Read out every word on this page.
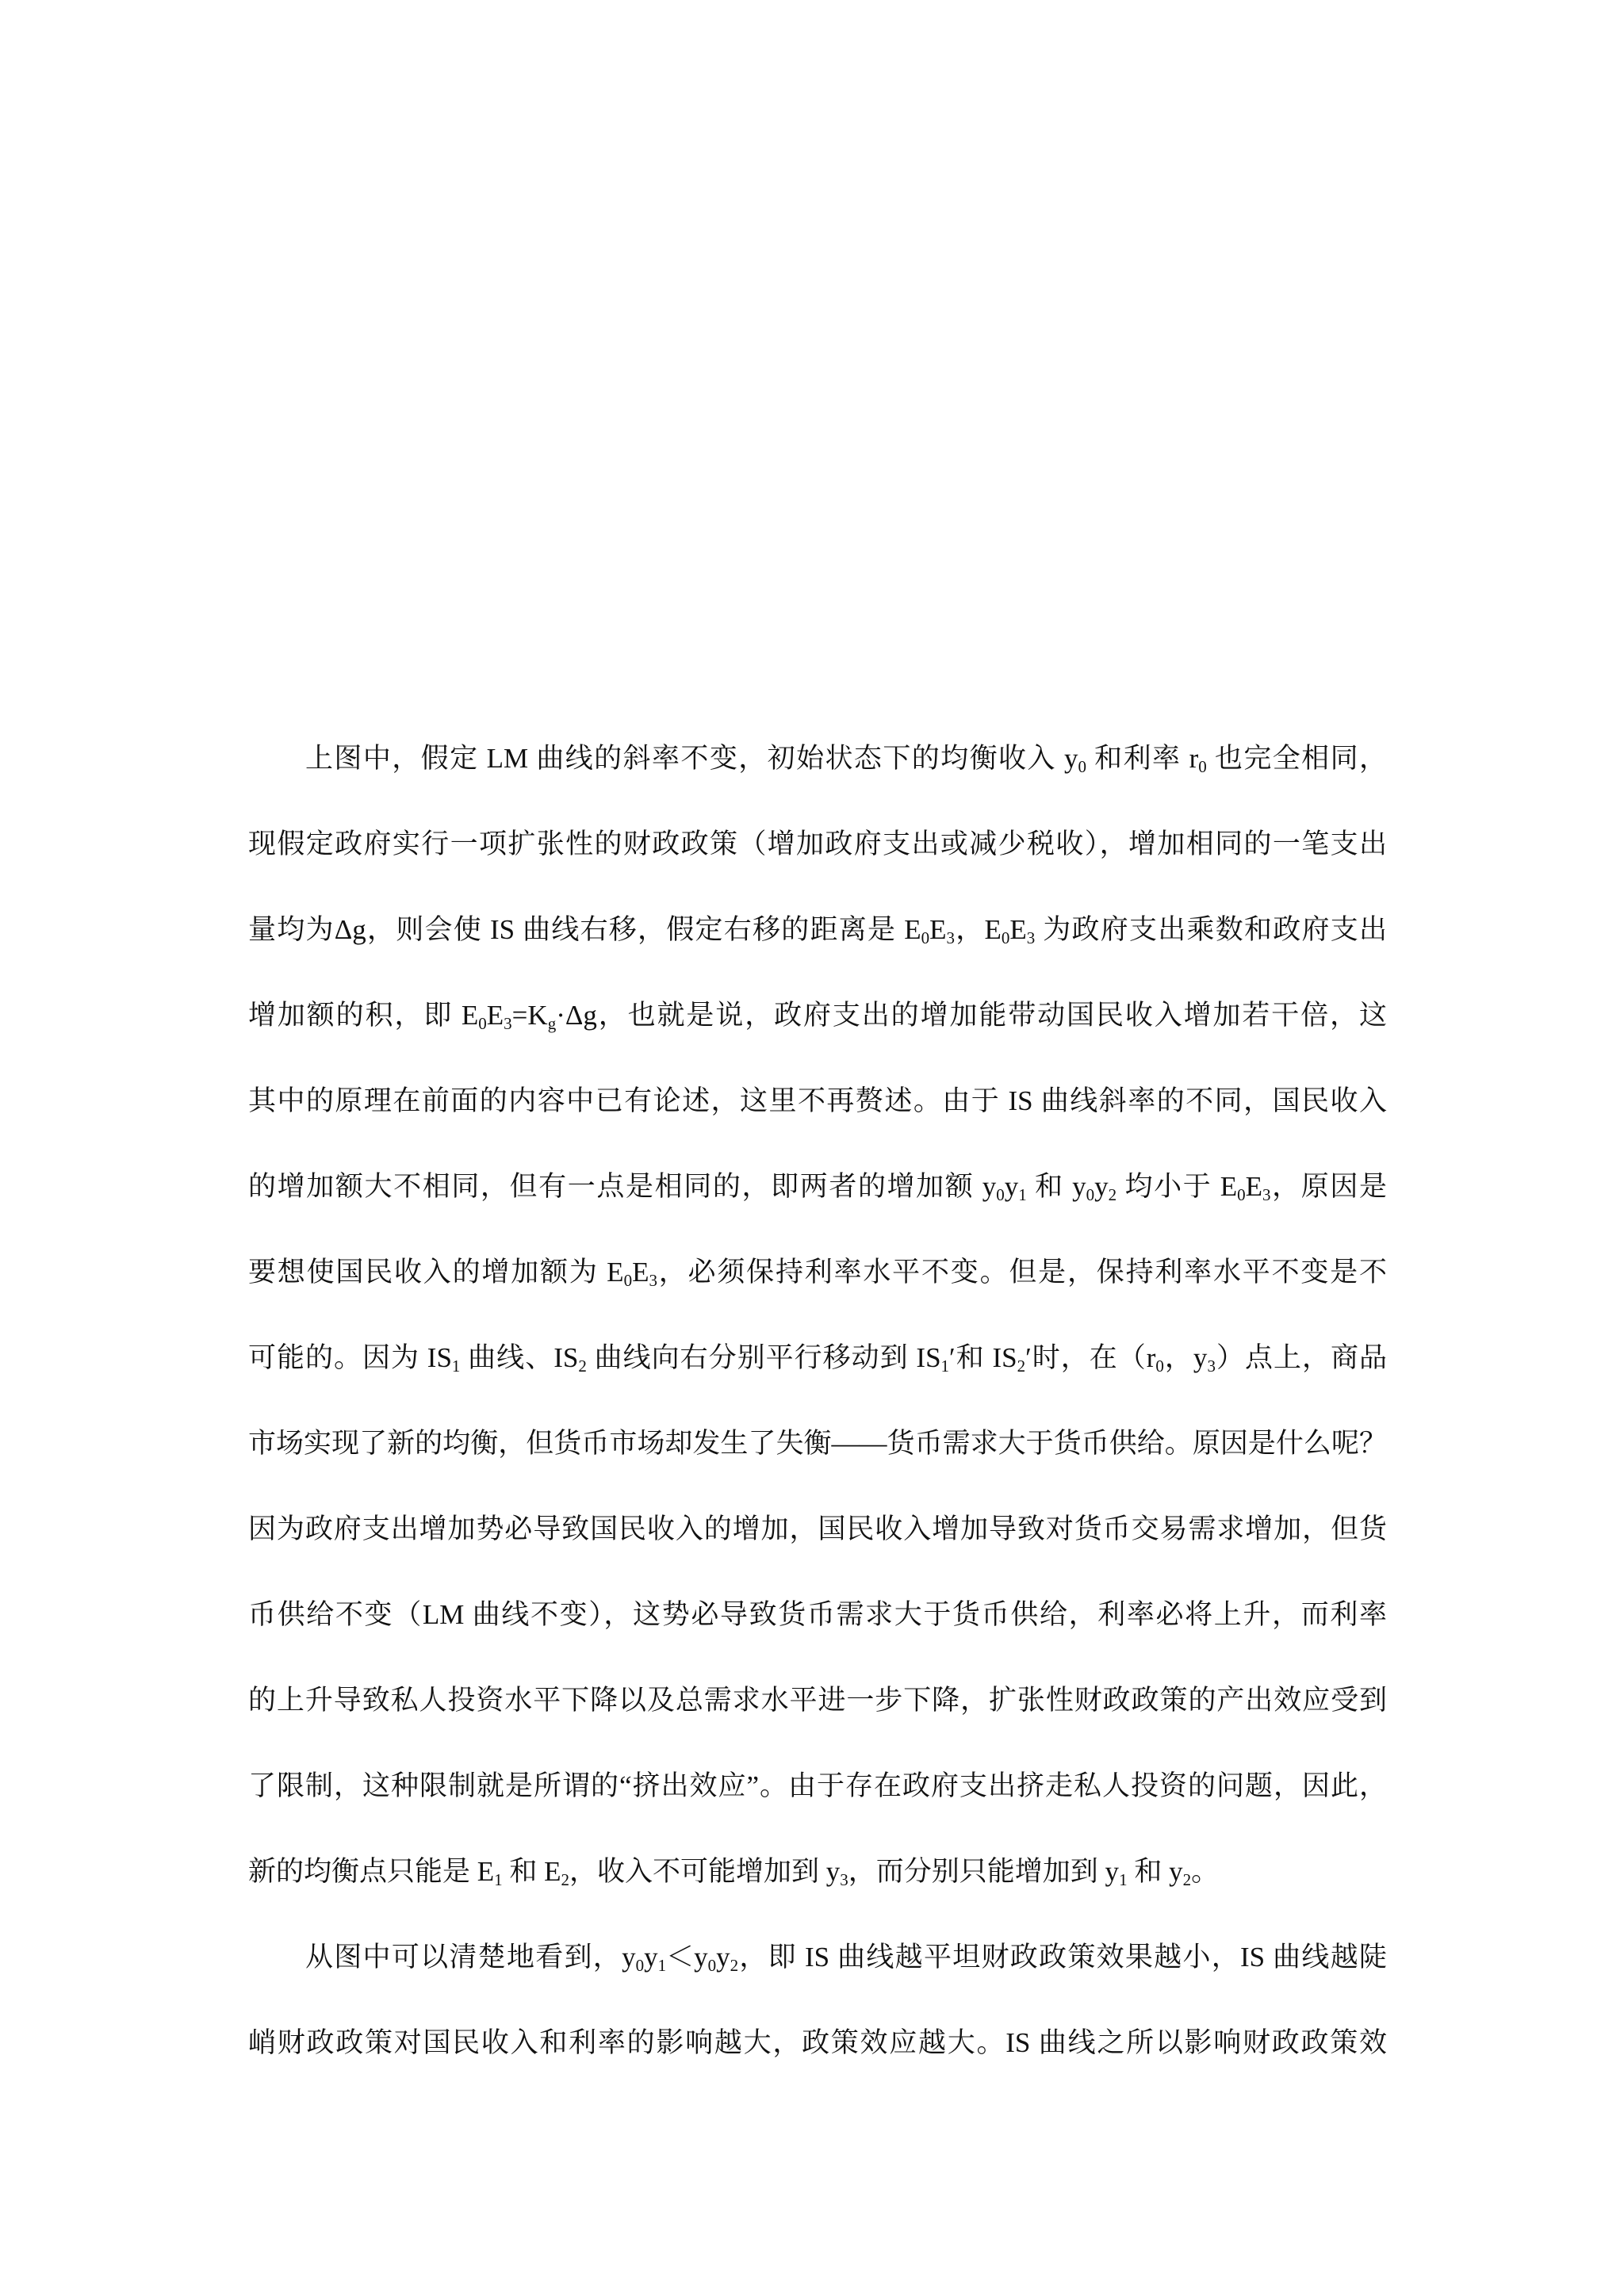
上图中，假定 LM 曲线的斜率不变，初始状态下的均衡收入 $y_0$ 和利率 $r_0$ 也完全相同，
现假定政府实行一项扩张性的财政政策（增加政府支出或减少税收），增加相同的一笔支出
量均为Δg，则会使 IS 曲线右移，假定右移的距离是 $E_0E_3$，$E_0E_3$ 为政府支出乘数和政府支出
增加额的积，即 $E_0E_3=K_g\cdot\Delta g$，也就是说，政府支出的增加能带动国民收入增加若干倍，这
其中的原理在前面的内容中已有论述，这里不再赘述。由于 IS 曲线斜率的不同，国民收入
的增加额大不相同，但有一点是相同的，即两者的增加额 $y_0y_1$ 和 $y_0y_2$ 均小于 $E_0E_3$，原因是
要想使国民收入的增加额为 $E_0E_3$，必须保持利率水平不变。但是，保持利率水平不变是不
可能的。因为 $IS_1$ 曲线、$IS_2$ 曲线向右分别平行移动到 $IS_1'$和 $IS_2'$时，在（$r_0$，$y_3$）点上，商品
市场实现了新的均衡，但货币市场却发生了失衡——货币需求大于货币供给。原因是什么呢？
因为政府支出增加势必导致国民收入的增加，国民收入增加导致对货币交易需求增加，但货
币供给不变（LM 曲线不变），这势必导致货币需求大于货币供给，利率必将上升，而利率
的上升导致私人投资水平下降以及总需求水平进一步下降，扩张性财政政策的产出效应受到
了限制，这种限制就是所谓的“挤出效应”。由于存在政府支出挤走私人投资的问题，因此，
新的均衡点只能是 $E_1$ 和 $E_2$，收入不可能增加到 $y_3$，而分别只能增加到 $y_1$ 和 $y_2$。
从图中可以清楚地看到，$y_0y_1<y_0y_2$，即 IS 曲线越平坦财政政策效果越小，IS 曲线越陡
峭财政政策对国民收入和利率的影响越大，政策效应越大。IS 曲线之所以影响财政政策效
